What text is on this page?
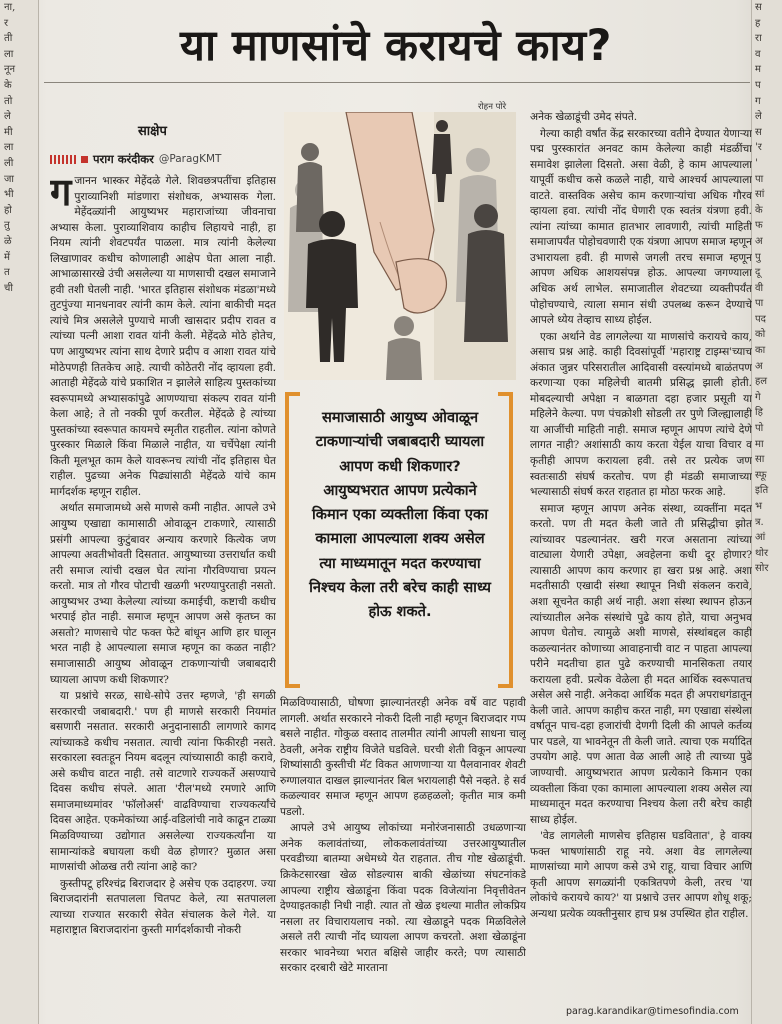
ना,
र
ती
ला
नून
के
तो
ले
मी
ला
ली
जा
भी
हो
तु
ळे
में
त
ची
स
ह
रा
व
म
प
ग
ले
स
'र
'
पा
सां
के
फ
अ
पु
दू
वी
पा
पद
को
का
अ
हल
गे
हि
पो
मा
सा
स्फू
इति
भ
त्र.
आं
थोर
सोर
या माणसांचे करायचे काय?
साक्षेप
पराग करंदीकर @ParagKMT

गजानन भास्कर मेहेंदळे गेले. शिवछत्रपतींचा इतिहास पुराव्यानिशी मांडणारा संशोधक, अभ्यासक गेला. मेहेंदळ्यांनी आयुष्यभर महाराजांच्या जीवनाचा अभ्यास केला. पुराव्याशिवाय काहीच लिहायचे नाही, हा नियम त्यांनी शेवटपर्यंत पाळला. मात्र त्यांनी केलेल्या लिखाणावर कधीच कोणालाही आक्षेप घेता आला नाही. आभाळासारखे उंची असलेल्या या माणसाची दखल समाजाने हवी तशी घेतली नाही. 'भारत इतिहास संशोधक मंडळा'मध्ये तुटपुंज्या मानधनावर त्यांनी काम केले. त्यांना बाकीची मदत त्यांचे मित्र असलेले पुण्याचे माजी खासदार प्रदीप रावत व त्यांच्या पत्नी आशा रावत यांनी केली. मेहेंदळे मोठे होतेच, पण आयुष्यभर त्यांना साथ देणारे प्रदीप व आशा रावत यांचे मोठेपणही तितकेच आहे. त्याची कोठेतरी नोंद व्हायला हवी. आताही मेहेंदळे यांचे प्रकाशित न झालेले साहित्य पुस्तकांच्या स्वरूपामध्ये अभ्यासकांपुढे आणण्याचा संकल्प रावत यांनी केला आहे; ते तो नक्की पूर्ण करतील. मेहेंदळे हे त्यांच्या पुस्तकांच्या स्वरूपात कायमचे स्मृतीत राहतील. त्यांना कोणते पुरस्कार मिळाले किंवा मिळाले नाहीत, या चर्चेपेक्षा त्यांनी किती मूलभूत काम केले यावरूनच त्यांची नोंद इतिहास घेत राहील. पुढच्या अनेक पिढ्यांसाठी मेहेंदळे यांचे काम मार्गदर्शक म्हणून राहील.

अर्थात समाजामध्ये असे माणसे कमी नाहीत. आपले उभे आयुष्य एखाद्या कामासाठी ओवाळून टाकणारे, त्यासाठी प्रसंगी आपल्या कुटुंबावर अन्याय करणारे कित्येक जण आपल्या अवतीभोवती दिसतात. आयुष्याच्या उत्तरार्धात कधी तरी समाज त्यांची दखल घेत त्यांना गौरविण्याचा प्रयत्न करतो. मात्र तो गौरव पोटाची खळगी भरण्यापुरताही नसतो. आयुष्यभर उभ्या केलेल्या त्यांच्या कमाईची, कष्टाची कधीच भरपाई होत नाही. समाज म्हणून आपण असे कृतघ्न का असतो? माणसाचे पोट फक्त फेटे बांधून आणि हार घालून भरत नाही हे आपल्याला समाज म्हणून का कळत नाही? समाजासाठी आयुष्य ओवाळून टाकणाऱ्यांची जबाबदारी घ्यायला आपण कधी शिकणार?

या प्रश्नांचे सरळ, साधे-सोपे उत्तर म्हणजे, 'ही सगळी सरकारची जबाबदारी.' पण ही माणसे सरकारी नियमांत बसणारी नसतात. सरकारी अनुदानासाठी लागणारे कागद त्यांच्याकडे कधीच नसतात. त्याची त्यांना फिकीरही नसते. सरकारला स्वतःहून नियम बदलून त्यांच्यासाठी काही करावे, असे कधीच वाटत नाही. तसे वाटणारे राज्यकर्ते असण्याचे दिवस कधीच संपले. आता 'रील'मध्ये रमणारे आणि समाजमाध्यमांवर 'फॉलोअर्स' वाढविण्याचा राज्यकर्त्यांचे दिवस आहेत. एकमेकांच्या आई-वडिलांची नावे काढून टाळ्या मिळविण्याच्या उद्योगात असलेल्या राज्यकर्त्यांना या सामान्यांकडे बघायला कधी वेळ होणार? मुळात असा माणसांची ओळख तरी त्यांना आहे का?

कुस्तीपटू हरिश्चंद्र बिराजदार हे असेच एक उदाहरण. ज्या बिराजदारांनी सतपालला चितपट केले, त्या सतपालला त्याच्या राज्यात सरकारी सेवेत संचालक केले गेले. या महाराष्ट्रात बिराजदारांना कुस्ती मार्गदर्शकाची नोकरी

रोहन पोरे
समाजासाठी आयुष्य ओवाळून टाकणाऱ्यांची जबाबदारी घ्यायला आपण कधी शिकणार? आयुष्यभरात आपण प्रत्येकाने किमान एका व्यक्तीला किंवा एका कामाला आपल्याला शक्य असेल त्या माध्यमातून मदत करण्याचा निश्चय केला तरी बरेच काही साध्य होऊ शकते.

मिळविण्यासाठी, घोषणा झाल्यानंतरही अनेक वर्षे वाट पहावी लागली. अर्थात सरकारने नोकरी दिली नाही म्हणून बिराजदार गप्प बसले नाहीत. गोकुळ वस्ताद तालमीत त्यांनी आपली साधना चालू ठेवली, अनेक राष्ट्रीय विजेते घडविले. घरची शेती विकून आपल्या शिष्यांसाठी कुस्तीची मॅट विकत आणणाऱ्या या पैलवानावर शेवटी रुग्णालयात दाखल झाल्यानंतर बिल भरायलाही पैसे नव्हते. हे सर्व कळल्यावर समाज म्हणून आपण हळहळलो; कृतीत मात्र कमी पडलो.

आपले उभे आयुष्य लोकांच्या मनोरंजनासाठी उधळणाऱ्या अनेक कलावंतांच्या, लोककलावंतांच्या उत्तरआयुष्यातील परवडीच्या बातम्या अधेमध्ये येत राहतात. तीच गोष्ट खेळाडूंची. क्रिकेटसारखा खेळ सोडल्यास बाकी खेळांच्या संघटनांकडे आपल्या राष्ट्रीय खेळाडूंना किंवा पदक विजेत्यांना निवृत्तीवेतन देण्याइतकाही निधी नाही. त्यात तो खेळ इथल्या मातीत लोकप्रिय नसला तर विचारायलाच नको. त्या खेळाडूने पदक मिळविलेले असले तरी त्याची नोंद घ्यायला आपण कचरतो. अशा खेळाडूंना सरकार भावनेच्या भरात बक्षिसे जाहीर करते; पण त्यासाठी सरकार दरबारी खेटे मारताना

अनेक खेळाडूंची उमेद संपते.

गेल्या काही वर्षांत केंद्र सरकारच्या वतीने देण्यात येणाऱ्या पद्म पुरस्कारांत अनवट काम केलेल्या काही मंडळींचा समावेश झालेला दिसतो. असा वेळी, हे काम आपल्याला यापूर्वी कधीच कसे कळले नाही, याचे आश्चर्य आपल्याला वाटते. वास्तविक असेच काम करणाऱ्यांचा अधिक गौरव व्हायला हवा. त्यांची नोंद घेणारी एक स्वतंत्र यंत्रणा हवी. त्यांना त्यांच्या कामात हातभार लावणारी, त्यांची माहिती समाजापर्यंत पोहोचवणारी एक यंत्रणा आपण समाज म्हणून उभारायला हवी. ही माणसे जगली तरच समाज म्हणून आपण अधिक आशयसंपन्न होऊ. आपल्या जगण्याला अधिक अर्थ लाभेल. समाजातील शेवटच्या व्यक्तीपर्यंत पोहोचण्याचे, त्याला समान संधी उपलब्ध करून देण्याचे आपले ध्येय तेव्हाच साध्य होईल.

एका अर्थाने वेड लागलेल्या या माणसांचे करायचे काय, असाच प्रश्न आहे. काही दिवसांपूर्वी 'महाराष्ट्र टाइम्स'च्याच अंकात जुन्नर परिसरातील आदिवासी वस्त्यांमध्ये बाळंतपण करणाऱ्या एका महिलेची बातमी प्रसिद्ध झाली होती. मोबदल्याची अपेक्षा न बाळगता दहा हजार प्रसूती या महिलेने केल्या. पण पंचक्रोशी सोडली तर पुणे जिल्ह्यालाही या आजींची माहिती नाही. समाज म्हणून आपण त्यांचे देणे लागत नाही? अशांसाठी काय करता येईल याचा विचार व कृतीही आपण करायला हवी. तसे तर प्रत्येक जण स्वतःसाठी संघर्ष करतोच. पण ही मंडळी समाजाच्या भल्यासाठी संघर्ष करत राहतात हा मोठा फरक आहे.

समाज म्हणून आपण अनेक संस्था, व्यक्तींना मदत करतो. पण ती मदत केली जाते ती प्रसिद्धीचा झोत त्यांच्यावर पडल्यानंतर. खरी गरज असताना त्यांच्या वाट्याला येणारी उपेक्षा, अवहेलना कधी दूर होणार? त्यासाठी आपण काय करणार हा खरा प्रश्न आहे. अशा मदतीसाठी एखादी संस्था स्थापून निधी संकलन करावे, अशा सूचनेत काही अर्थ नाही. अशा संस्था स्थापन होऊन त्यांच्यातील अनेक संस्थांचे पुढे काय होते, याचा अनुभव आपण घेतोच. त्यामुळे अशी माणसे, संस्थांबद्दल काही कळल्यानंतर कोणाच्या आवाहनाची वाट न पाहता आपल्या परीने मदतीचा हात पुढे करण्याची मानसिकता तयार करायला हवी. प्रत्येक वेळेला ही मदत आर्थिक स्वरूपातच असेल असे नाही. अनेकदा आर्थिक मदत ही अपराधगंडातून केली जाते. आपण काहीच करत नाही, मग एखाद्या संस्थेला वर्षातून पाच-दहा हजारांची देणगी दिली की आपले कर्तव्य पार पडले, या भावनेतून ती केली जाते. त्याचा एक मर्यादित उपयोग आहे. पण आता वेळ आली आहे ती त्याच्या पुढे जाण्याची. आयुष्यभरात आपण प्रत्येकाने किमान एका व्यक्तीला किंवा एका कामाला आपल्याला शक्य असेल त्या माध्यमातून मदत करण्याचा निश्चय केला तरी बरेच काही साध्य होईल.

'वेड लागलेली माणसेच इतिहास घडवितात', हे वाक्य फक्त भाषणांसाठी राहू नये. अशा वेड लागलेल्या माणसांच्या मागे आपण कसे उभे राहू, याचा विचार आणि कृती आपण सगळ्यांनी एकत्रितपणे केली, तरच 'या लोकांचे करायचे काय?' या प्रश्नाचे उत्तर आपण शोधू शकू; अन्यथा प्रत्येक व्यक्तीनुसार हाच प्रश्न उपस्थित होत राहील.

parag.karandikar@timesofindia.com
